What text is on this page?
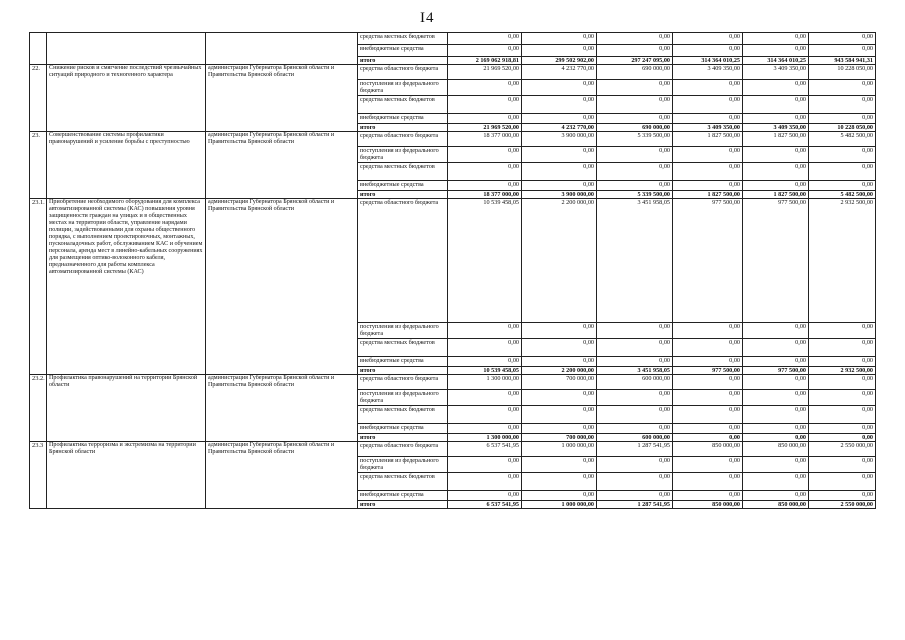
I4
			средства местных бюджетов	0,00	0,00	0,00	0,00	0,00	0,00
			внебюджетные средства	0,00	0,00	0,00	0,00	0,00	0,00
			итого	2 169 062 918,81	299 502 902,00	297 247 095,00	314 364 010,25	314 364 010,25	943 584 941,31
22.	Снижение рисков и смягчение последствий чрезвычайных ситуаций природного и техногенного характера	администрация Губернатора Брянской области и Правительства Брянской области	средства областного бюджета	21 969 520,00	4 232 770,00	690 000,00	3 409 350,00	3 409 350,00	10 228 050,00
			поступления из федерального бюджета	0,00	0,00	0,00	0,00	0,00	0,00
			средства местных бюджетов	0,00	0,00	0,00	0,00	0,00	0,00
			внебюджетные средства	0,00	0,00	0,00	0,00	0,00	0,00
			итого	21 969 520,00	4 232 770,00	690 000,00	3 409 350,00	3 409 350,00	10 228 050,00
23.	Совершенствование системы профилактики правонарушений и усиление борьбы с преступностью	администрация Губернатора Брянской области и Правительства Брянской области	средства областного бюджета	18 377 000,00	3 900 000,00	5 339 500,00	1 827 500,00	1 827 500,00	5 482 500,00
			поступления из федерального бюджета	0,00	0,00	0,00	0,00	0,00	0,00
			средства местных бюджетов	0,00	0,00	0,00	0,00	0,00	0,00
			внебюджетные средства	0,00	0,00	0,00	0,00	0,00	0,00
			итого	18 377 000,00	3 900 000,00	5 339 500,00	1 827 500,00	1 827 500,00	5 482 500,00
23.1.	Приобретение необходимого оборудования для комплекса автоматизированной системы (КАС) повышения уровня защищенности граждан на улицах и в общественных местах на территории области, управление нарядами полиции, задействованными для охраны общественного порядка, с выполнением проектировочных, монтажных, пусконаладочных работ, обслуживанием КАС и обучением персонала, аренда мест в линейно-кабельных сооружениях для размещения оптико-волоконного кабеля, предназначенного для работы комплекса автоматизированной системы (КАС)	администрация Губернатора Брянской области и Правительства Брянской области	средства областного бюджета	10 539 458,05	2 200 000,00	3 451 958,05	977 500,00	977 500,00	2 932 500,00
			поступления из федерального бюджета	0,00	0,00	0,00	0,00	0,00	0,00
			средства местных бюджетов	0,00	0,00	0,00	0,00	0,00	0,00
			внебюджетные средства	0,00	0,00	0,00	0,00	0,00	0,00
			итого	10 539 458,05	2 200 000,00	3 451 958,05	977 500,00	977 500,00	2 932 500,00
23.2.	Профилактика правонарушений на территории Брянской области	администрация Губернатора Брянской области и Правительства Брянской области	средства областного бюджета	1 300 000,00	700 000,00	600 000,00	0,00	0,00	0,00
			поступления из федерального бюджета	0,00	0,00	0,00	0,00	0,00	0,00
			средства местных бюджетов	0,00	0,00	0,00	0,00	0,00	0,00
			внебюджетные средства	0,00	0,00	0,00	0,00	0,00	0,00
			итого	1 300 000,00	700 000,00	600 000,00	0,00	0,00	0,00
23.3	Профилактика терроризма и экстремизма на территории Брянской области	администрация Губернатора Брянской области и Правительства Брянской области	средства областного бюджета	6 537 541,95	1 000 000,00	1 287 541,95	850 000,00	850 000,00	2 550 000,00
			поступления из федерального бюджета	0,00	0,00	0,00	0,00	0,00	0,00
			средства местных бюджетов	0,00	0,00	0,00	0,00	0,00	0,00
			внебюджетные средства	0,00	0,00	0,00	0,00	0,00	0,00
			итого	6 537 541,95	1 000 000,00	1 287 541,95	850 000,00	850 000,00	2 550 000,00
